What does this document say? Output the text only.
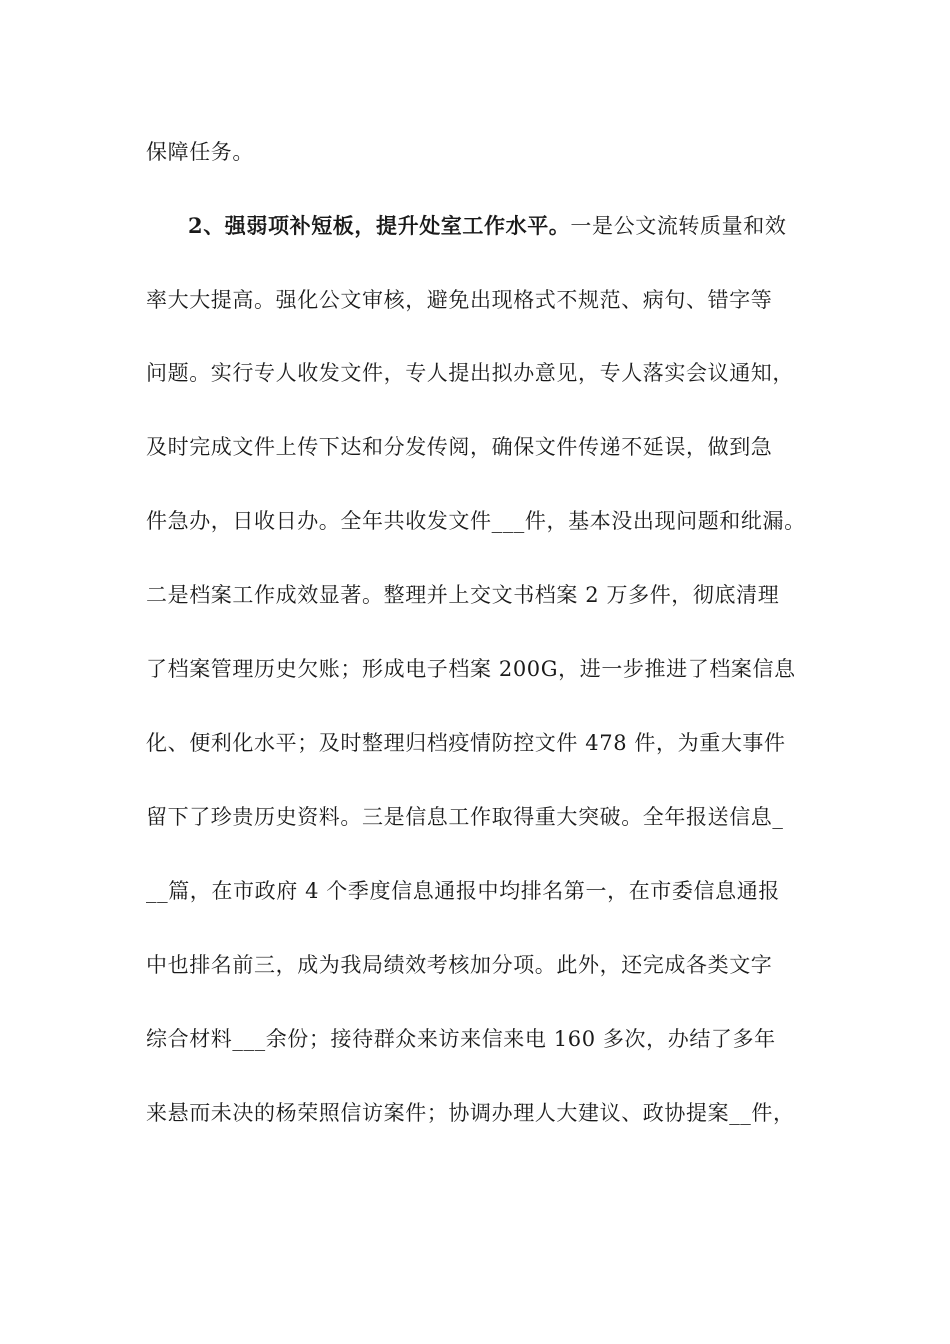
保障任务。
2、强弱项补短板，提升处室工作水平。一是公文流转质量和效
率大大提高。强化公文审核，避免出现格式不规范、病句、错字等
问题。实行专人收发文件，专人提出拟办意见，专人落实会议通知，
及时完成文件上传下达和分发传阅，确保文件传递不延误，做到急
件急办，日收日办。全年共收发文件___件，基本没出现问题和纰漏。
二是档案工作成效显著。整理并上交文书档案 2 万多件，彻底清理
了档案管理历史欠账；形成电子档案 200G，进一步推进了档案信息
化、便利化水平；及时整理归档疫情防控文件 478 件，为重大事件
留下了珍贵历史资料。三是信息工作取得重大突破。全年报送信息_
__篇，在市政府 4 个季度信息通报中均排名第一，在市委信息通报
中也排名前三，成为我局绩效考核加分项。此外，还完成各类文字
综合材料___余份；接待群众来访来信来电 160 多次，办结了多年
来悬而未决的杨荣照信访案件；协调办理人大建议、政协提案__件，
